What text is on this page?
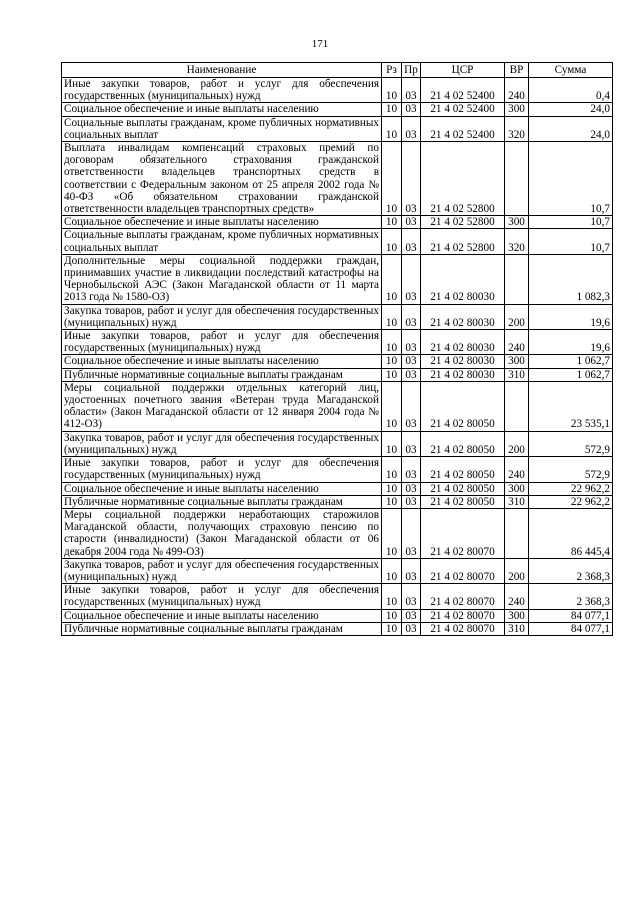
171
Наименование	Рз	Пр	ЦСР	ВР	Сумма
Иные закупки товаров, работ и услуг для обеспечения государственных (муниципальных) нужд	10	03	21 4 02 52400	240	0,4
Социальное обеспечение и иные выплаты населению	10	03	21 4 02 52400	300	24,0
Социальные выплаты гражданам, кроме публичных нормативных социальных выплат	10	03	21 4 02 52400	320	24,0
Выплата инвалидам компенсаций страховых премий по договорам обязательного страхования гражданской ответственности владельцев транспортных средств в соответствии с Федеральным законом от 25 апреля 2002 года № 40-ФЗ «Об обязательном страховании гражданской ответственности владельцев транспортных средств»	10	03	21 4 02 52800		10,7
Социальное обеспечение и иные выплаты населению	10	03	21 4 02 52800	300	10,7
Социальные выплаты гражданам, кроме публичных нормативных социальных выплат	10	03	21 4 02 52800	320	10,7
Дополнительные меры социальной поддержки граждан, принимавших участие в ликвидации последствий катастрофы на Чернобыльской АЭС (Закон Магаданской области от 11 марта 2013 года № 1580-ОЗ)	10	03	21 4 02 80030		1 082,3
Закупка товаров, работ и услуг для обеспечения государственных (муниципальных) нужд	10	03	21 4 02 80030	200	19,6
Иные закупки товаров, работ и услуг для обеспечения государственных (муниципальных) нужд	10	03	21 4 02 80030	240	19,6
Социальное обеспечение и иные выплаты населению	10	03	21 4 02 80030	300	1 062,7
Публичные нормативные социальные выплаты гражданам	10	03	21 4 02 80030	310	1 062,7
Меры социальной поддержки отдельных категорий лиц, удостоенных почетного звания «Ветеран труда Магаданской области» (Закон Магаданской области от 12 января 2004 года № 412-ОЗ)	10	03	21 4 02 80050		23 535,1
Закупка товаров, работ и услуг для обеспечения государственных (муниципальных) нужд	10	03	21 4 02 80050	200	572,9
Иные закупки товаров, работ и услуг для обеспечения государственных (муниципальных) нужд	10	03	21 4 02 80050	240	572,9
Социальное обеспечение и иные выплаты населению	10	03	21 4 02 80050	300	22 962,2
Публичные нормативные социальные выплаты гражданам	10	03	21 4 02 80050	310	22 962,2
Меры социальной поддержки неработающих старожилов Магаданской области, получающих страховую пенсию по старости (инвалидности) (Закон Магаданской области от 06 декабря 2004 года № 499-ОЗ)	10	03	21 4 02 80070		86 445,4
Закупка товаров, работ и услуг для обеспечения государственных (муниципальных) нужд	10	03	21 4 02 80070	200	2 368,3
Иные закупки товаров, работ и услуг для обеспечения государственных (муниципальных) нужд	10	03	21 4 02 80070	240	2 368,3
Социальное обеспечение и иные выплаты населению	10	03	21 4 02 80070	300	84 077,1
Публичные нормативные социальные выплаты гражданам	10	03	21 4 02 80070	310	84 077,1
